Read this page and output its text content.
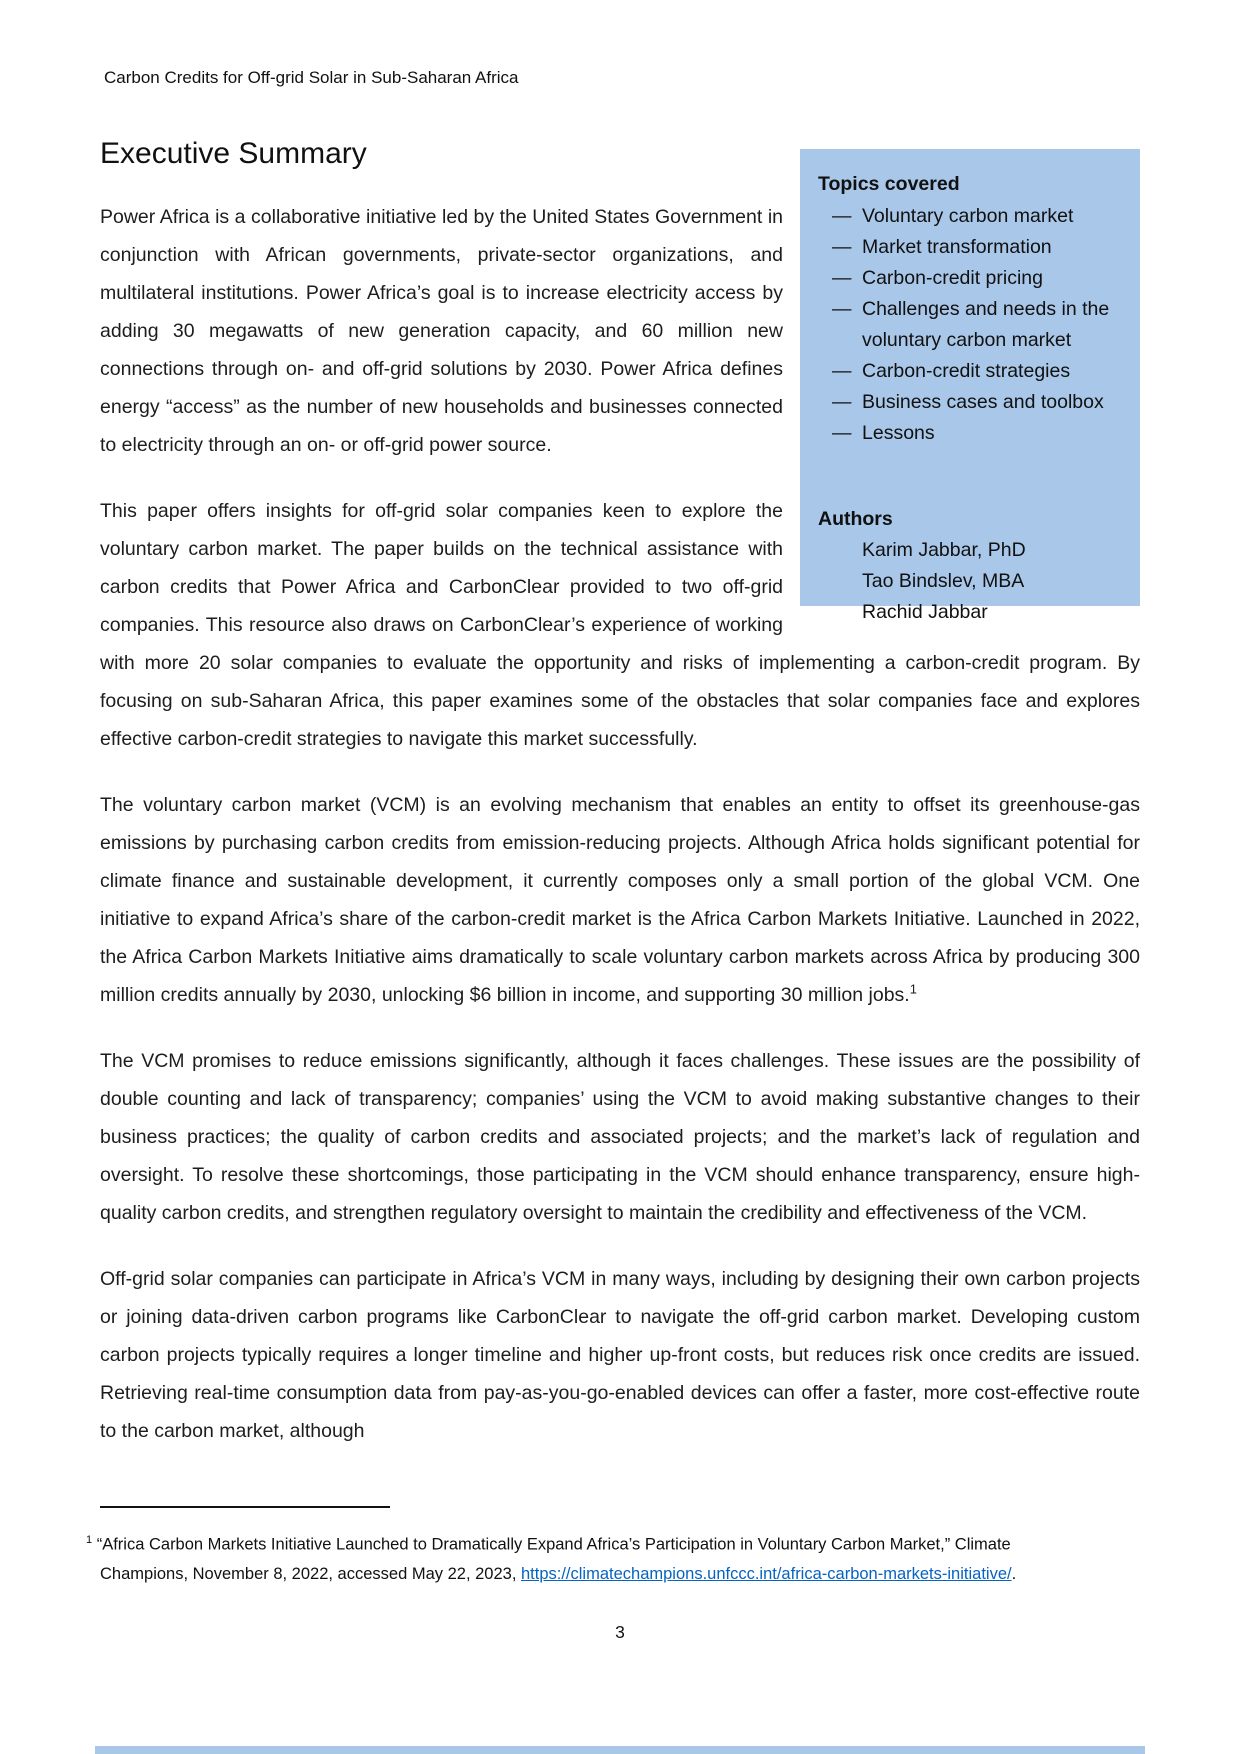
Carbon Credits for Off-grid Solar in Sub-Saharan Africa

Topics covered

— Voluntary carbon market
— Market transformation
— Carbon-credit pricing
— Challenges and needs in the voluntary carbon market
— Carbon-credit strategies
— Business cases and toolbox
— Lessons

Authors

Karim Jabbar, PhD
Tao Bindslev, MBA
Rachid Jabbar
Executive Summary

Power Africa is a collaborative initiative led by the United States Government in conjunction with African governments, private-sector organizations, and multilateral institutions. Power Africa’s goal is to increase electricity access by adding 30 megawatts of new generation capacity, and 60 million new connections through on- and off-grid solutions by 2030. Power Africa defines energy “access” as the number of new households and businesses connected to electricity through an on- or off-grid power source.

This paper offers insights for off-grid solar companies keen to explore the voluntary carbon market. The paper builds on the technical assistance with carbon credits that Power Africa and CarbonClear provided to two off-grid companies. This resource also draws on CarbonClear’s experience of working with more 20 solar companies to evaluate the opportunity and risks of implementing a carbon-credit program. By focusing on sub-Saharan Africa, this paper examines some of the obstacles that solar companies face and explores effective carbon-credit strategies to navigate this market successfully.

The voluntary carbon market (VCM) is an evolving mechanism that enables an entity to offset its greenhouse-gas emissions by purchasing carbon credits from emission-reducing projects. Although Africa holds significant potential for climate finance and sustainable development, it currently composes only a small portion of the global VCM. One initiative to expand Africa’s share of the carbon-credit market is the Africa Carbon Markets Initiative. Launched in 2022, the Africa Carbon Markets Initiative aims dramatically to scale voluntary carbon markets across Africa by producing 300 million credits annually by 2030, unlocking $6 billion in income, and supporting 30 million jobs.$^1$

The VCM promises to reduce emissions significantly, although it faces challenges. These issues are the possibility of double counting and lack of transparency; companies’ using the VCM to avoid making substantive changes to their business practices; the quality of carbon credits and associated projects; and the market’s lack of regulation and oversight. To resolve these shortcomings, those participating in the VCM should enhance transparency, ensure high-quality carbon credits, and strengthen regulatory oversight to maintain the credibility and effectiveness of the VCM.

Off-grid solar companies can participate in Africa’s VCM in many ways, including by designing their own carbon projects or joining data-driven carbon programs like CarbonClear to navigate the off-grid carbon market. Developing custom carbon projects typically requires a longer timeline and higher up-front costs, but reduces risk once credits are issued. Retrieving real-time consumption data from pay-as-you-go-enabled devices can offer a faster, more cost-effective route to the carbon market, although

$^1$ “Africa Carbon Markets Initiative Launched to Dramatically Expand Africa’s Participation in Voluntary Carbon Market,” Climate Champions, November 8, 2022, accessed May 22, 2023, https://climatechampions.unfccc.int/africa-carbon-markets-initiative/.

3
